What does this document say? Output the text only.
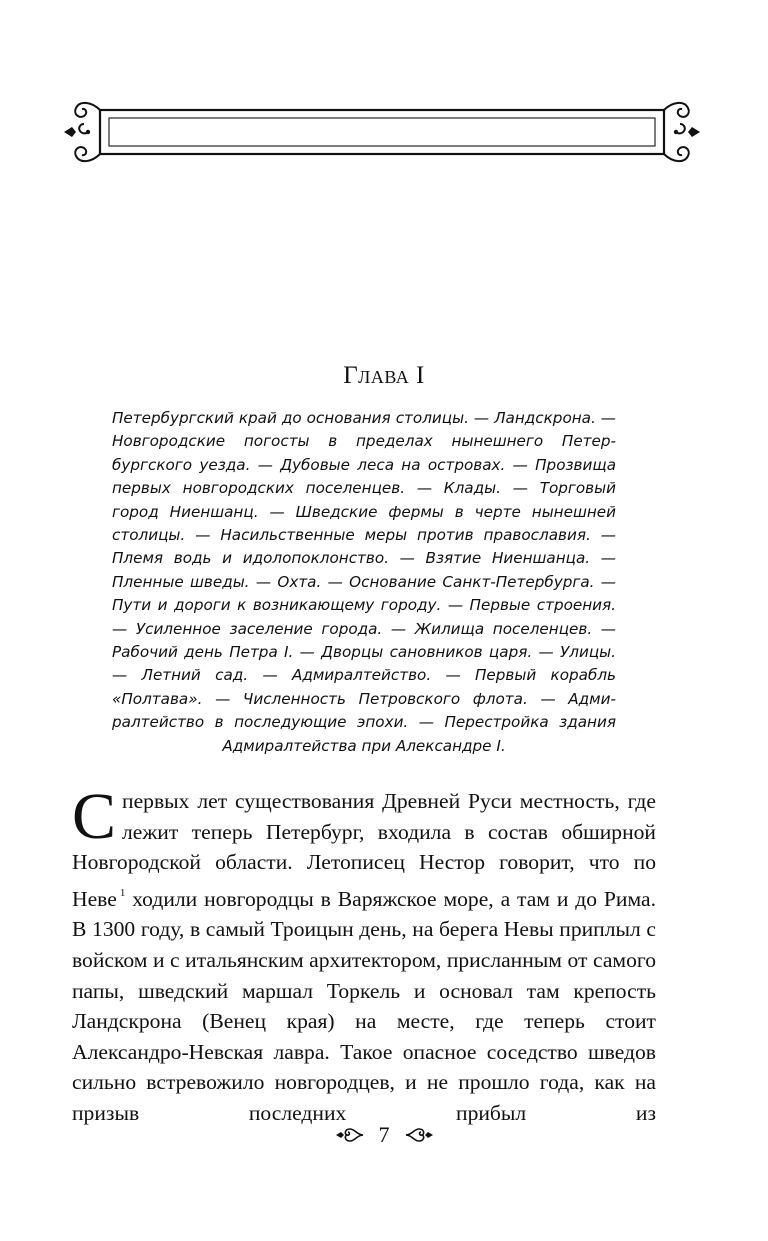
Глава I
Петербургский край до основания столицы. — Ландскрона. — Новгородские погосты в пределах нынешнего Петербургского уезда. — Дубовые леса на островах. — Прозвища первых новгородских поселенцев. — Клады. — Торговый город Ниеншанц. — Шведские фермы в черте нынешней столицы. — Насильственные меры против православия. — Племя водь и идолопоклонство. — Взятие Ниеншанца. — Пленные шведы. — Охта. — Основание Санкт-Петербурга. — Пути и дороги к возникающему городу. — Первые строения. — Усиленное заселение города. — Жилища поселенцев. — Рабочий день Петра I. — Дворцы сановников царя. — Улицы. — Летний сад. — Адмиралтейство. — Первый корабль «Полтава». — Численность Петровского флота. — Адмиралтейство в последующие эпохи. — Перестройка здания Адмиралтейства при Александре I.
С первых лет существования Древней Руси местность, где лежит теперь Петербург, входила в состав обширной Новгородской области. Летописец Нестор говорит, что по Неве $^1$ ходили новгородцы в Варяжское море, а там и до Рима. В 1300 году, в самый Троицын день, на берега Невы приплыл с войском и с итальянским архитектором, присланным от самого папы, шведский маршал Торкель и основал там крепость Ландскрона (Венец края) на месте, где теперь стоит Александро-Невская лавра. Такое опасное соседство шведов сильно встревожило новгородцев, и не прошло года, как на призыв последних прибыл из
7
